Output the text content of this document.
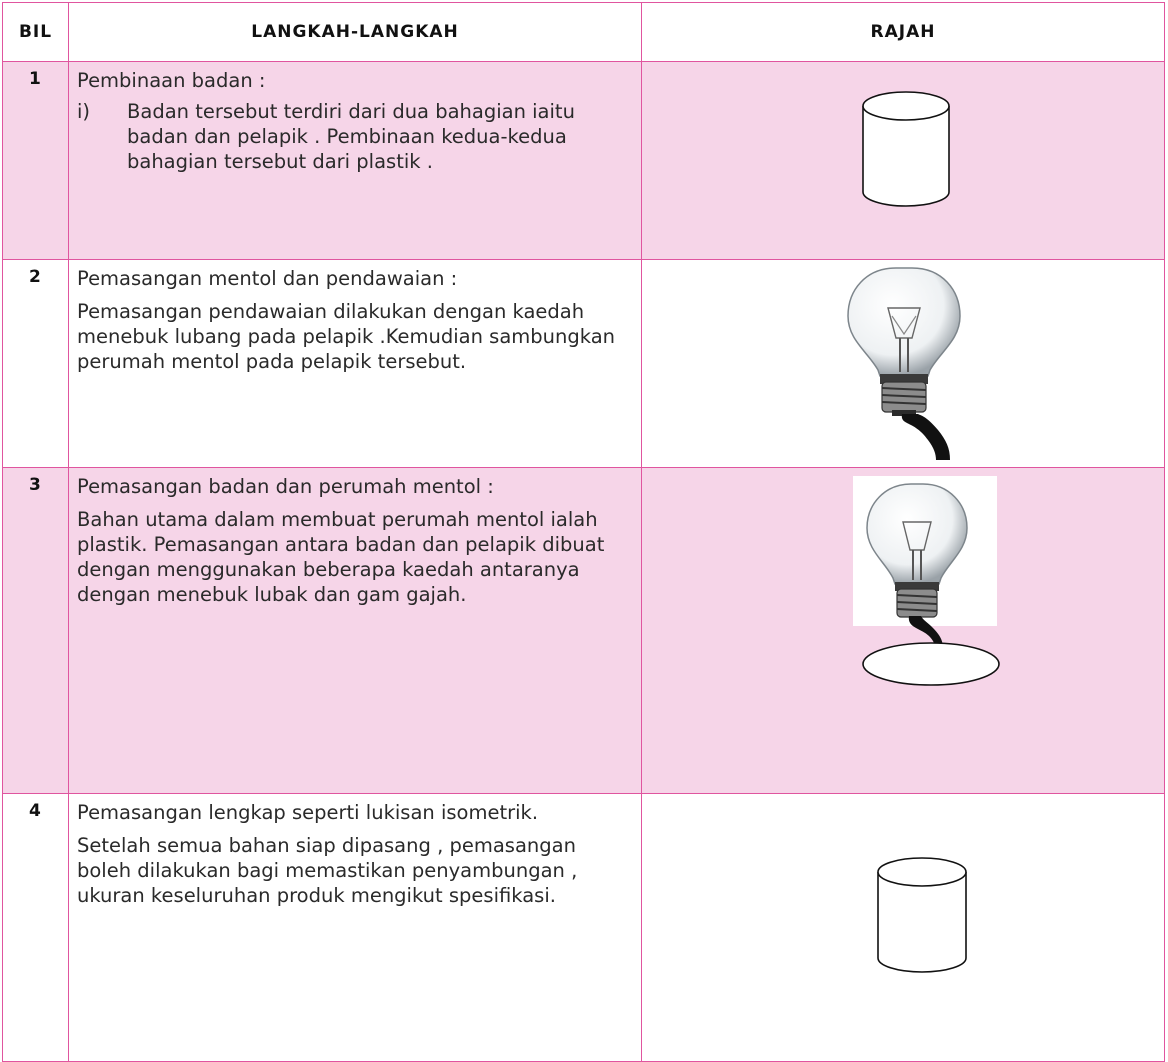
BIL	LANGKAH-LANGKAH	RAJAH
1	Pembinaan badan :
i) Badan tersebut terdiri dari dua bahagian iaitu badan dan pelapik . Pembinaan kedua-kedua bahagian tersebut dari plastik .

2	Pemasangan mentol dan pendawaian :

Pemasangan pendawaian dilakukan dengan kaedah menebuk lubang pada pelapik .Kemudian sambungkan perumah mentol pada pelapik tersebut.

3	Pemasangan badan dan perumah mentol :

Bahan utama dalam membuat perumah mentol ialah plastik. Pemasangan antara badan dan pelapik dibuat dengan menggunakan beberapa kaedah antaranya dengan menebuk lubak dan gam gajah.

4	Pemasangan lengkap seperti lukisan isometrik.

Setelah semua bahan siap dipasang , pemasangan boleh dilakukan bagi memastikan penyambungan , ukuran keseluruhan produk mengikut spesifikasi.
